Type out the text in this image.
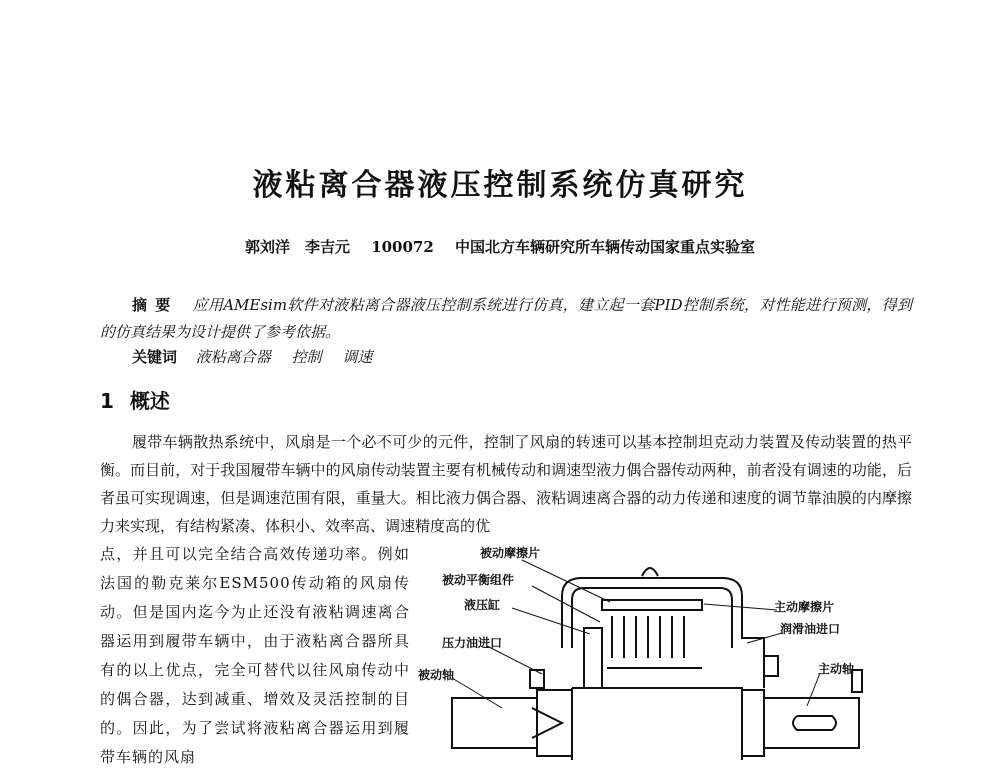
液粘离合器液压控制系统仿真研究
郭刘洋　李吉元 100072 中国北方车辆研究所车辆传动国家重点实验室
摘要 应用AMEsim软件对液粘离合器液压控制系统进行仿真，建立起一套PID控制系统，对性能进行预测，得到的仿真结果为设计提供了参考依据。
关键词 液粘离合器 控制 调速
1 概述
履带车辆散热系统中，风扇是一个必不可少的元件，控制了风扇的转速可以基本控制坦克动力装置及传动装置的热平衡。而目前，对于我国履带车辆中的风扇传动装置主要有机械传动和调速型液力偶合器传动两种，前者没有调速的功能，后者虽可实现调速，但是调速范围有限，重量大。相比液力偶合器、液粘调速离合器的动力传递和速度的调节靠油膜的内摩擦力来实现，有结构紧凑、体积小、效率高、调速精度高的优
点，并且可以完全结合高效传递功率。例如法国的勒克莱尔ESM500传动箱的风扇传动。但是国内迄今为止还没有液粘调速离合器运用到履带车辆中，由于液粘离合器所具有的以上优点，完全可替代以往风扇传动中的偶合器，达到减重、增效及灵活控制的目的。因此，为了尝试将液粘离合器运用到履带车辆的风扇
被动摩擦片
被动平衡组件
液压缸
压力油进口
被动轴
主动摩擦片
润滑油进口
主动轴
